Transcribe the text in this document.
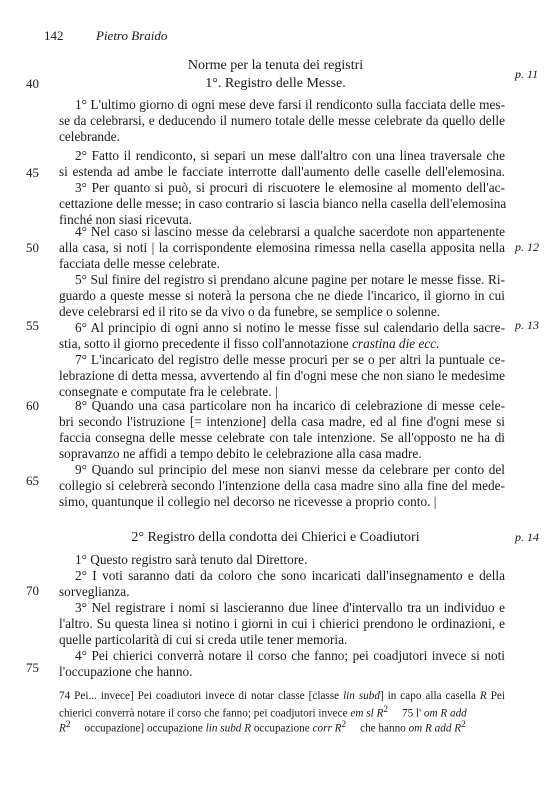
142	Pietro Braido
Norme per la tenuta dei registri
1°. Registro delle Messe.
40
45
50
55
60
65
70
75
p. 11
p. 12
p. 13
p. 14
1° L'ultimo giorno di ogni mese deve farsi il rendiconto sulla facciata delle mes-
se da celebrarsi, e deducendo il numero totale delle messe celebrate da quello delle
celebrande.
2° Fatto il rendiconto, si separi un mese dall'altro con una linea traversale che
si estenda ad ambe le facciate interrotte dall'aumento delle caselle dell'elemosina.
3° Per quanto si può, si procuri di riscuotere le elemosine al momento dell'ac-
cettazione delle messe; in caso contrario si lascia bianco nella casella dell'elemosina
finché non siasi ricevuta.
4° Nel caso si lascino messe da celebrarsi a qualche sacerdote non appartenente
alla casa, si noti | la corrispondente elemosina rimessa nella casella apposita nella
facciata delle messe celebrate.
5° Sul finire del registro si prendano alcune pagine per notare le messe fisse. Ri-
guardo a queste messe si noterà la persona che ne diede l'incarico, il giorno in cui
deve celebrarsi ed il rito se da vivo o da funebre, se semplice o solenne.
6° Al principio di ogni anno si notino le messe fisse sul calendario della sacre-
stia, sotto il giorno precedente il fisso coll'annotazione crastina die ecc.
7° L'incaricato del registro delle messe procuri per se o per altri la puntuale ce-
lebrazione di detta messa, avvertendo al fin d'ogni mese che non siano le medesime
consegnate e computate fra le celebrate. |
8° Quando una casa particolare non ha incarico di celebrazione di messe cele-
bri secondo l'istruzione [= intenzione] della casa madre, ed al fine d'ogni mese si
faccia consegna delle messe celebrate con tale intenzione. Se all'opposto ne ha di
sopravanzo ne affidi a tempo debito le celebrazione alla casa madre.
9° Quando sul principio del mese non sianvi messe da celebrare per conto del
collegio si celebrerà secondo l'intenzione della casa madre sino alla fine del mede-
simo, quantunque il collegio nel decorso ne ricevesse a proprio conto. |
2° Registro della condotta dei Chierici e Coadiutori
1° Questo registro sarà tenuto dal Direttore.
2° I voti saranno dati da coloro che sono incaricati dall'insegnamento e della
sorveglianza.
3° Nel registrare i nomi si lascieranno due linee d'intervallo tra un individuo e
l'altro. Su questa linea si notino i giorni in cui i chierici prendono le ordinazioni, e
quelle particolarità di cui si creda utile tener memoria.
4° Pei chierici converrà notare il corso che fanno; pei coadjutori invece si noti
l'occupazione che hanno.
74 Pei... invece] Pei coadiutori invece di notar classe [classe lin subd] in capo alla casella R Pei
chierici converrà notare il corso che fanno; pei coadjutori invece em sl $R^2$ 75 l' om R add
$R^2$ occupazione] occupazione lin subd R occupazione corr $R^2$ che hanno om R add $R^2$
